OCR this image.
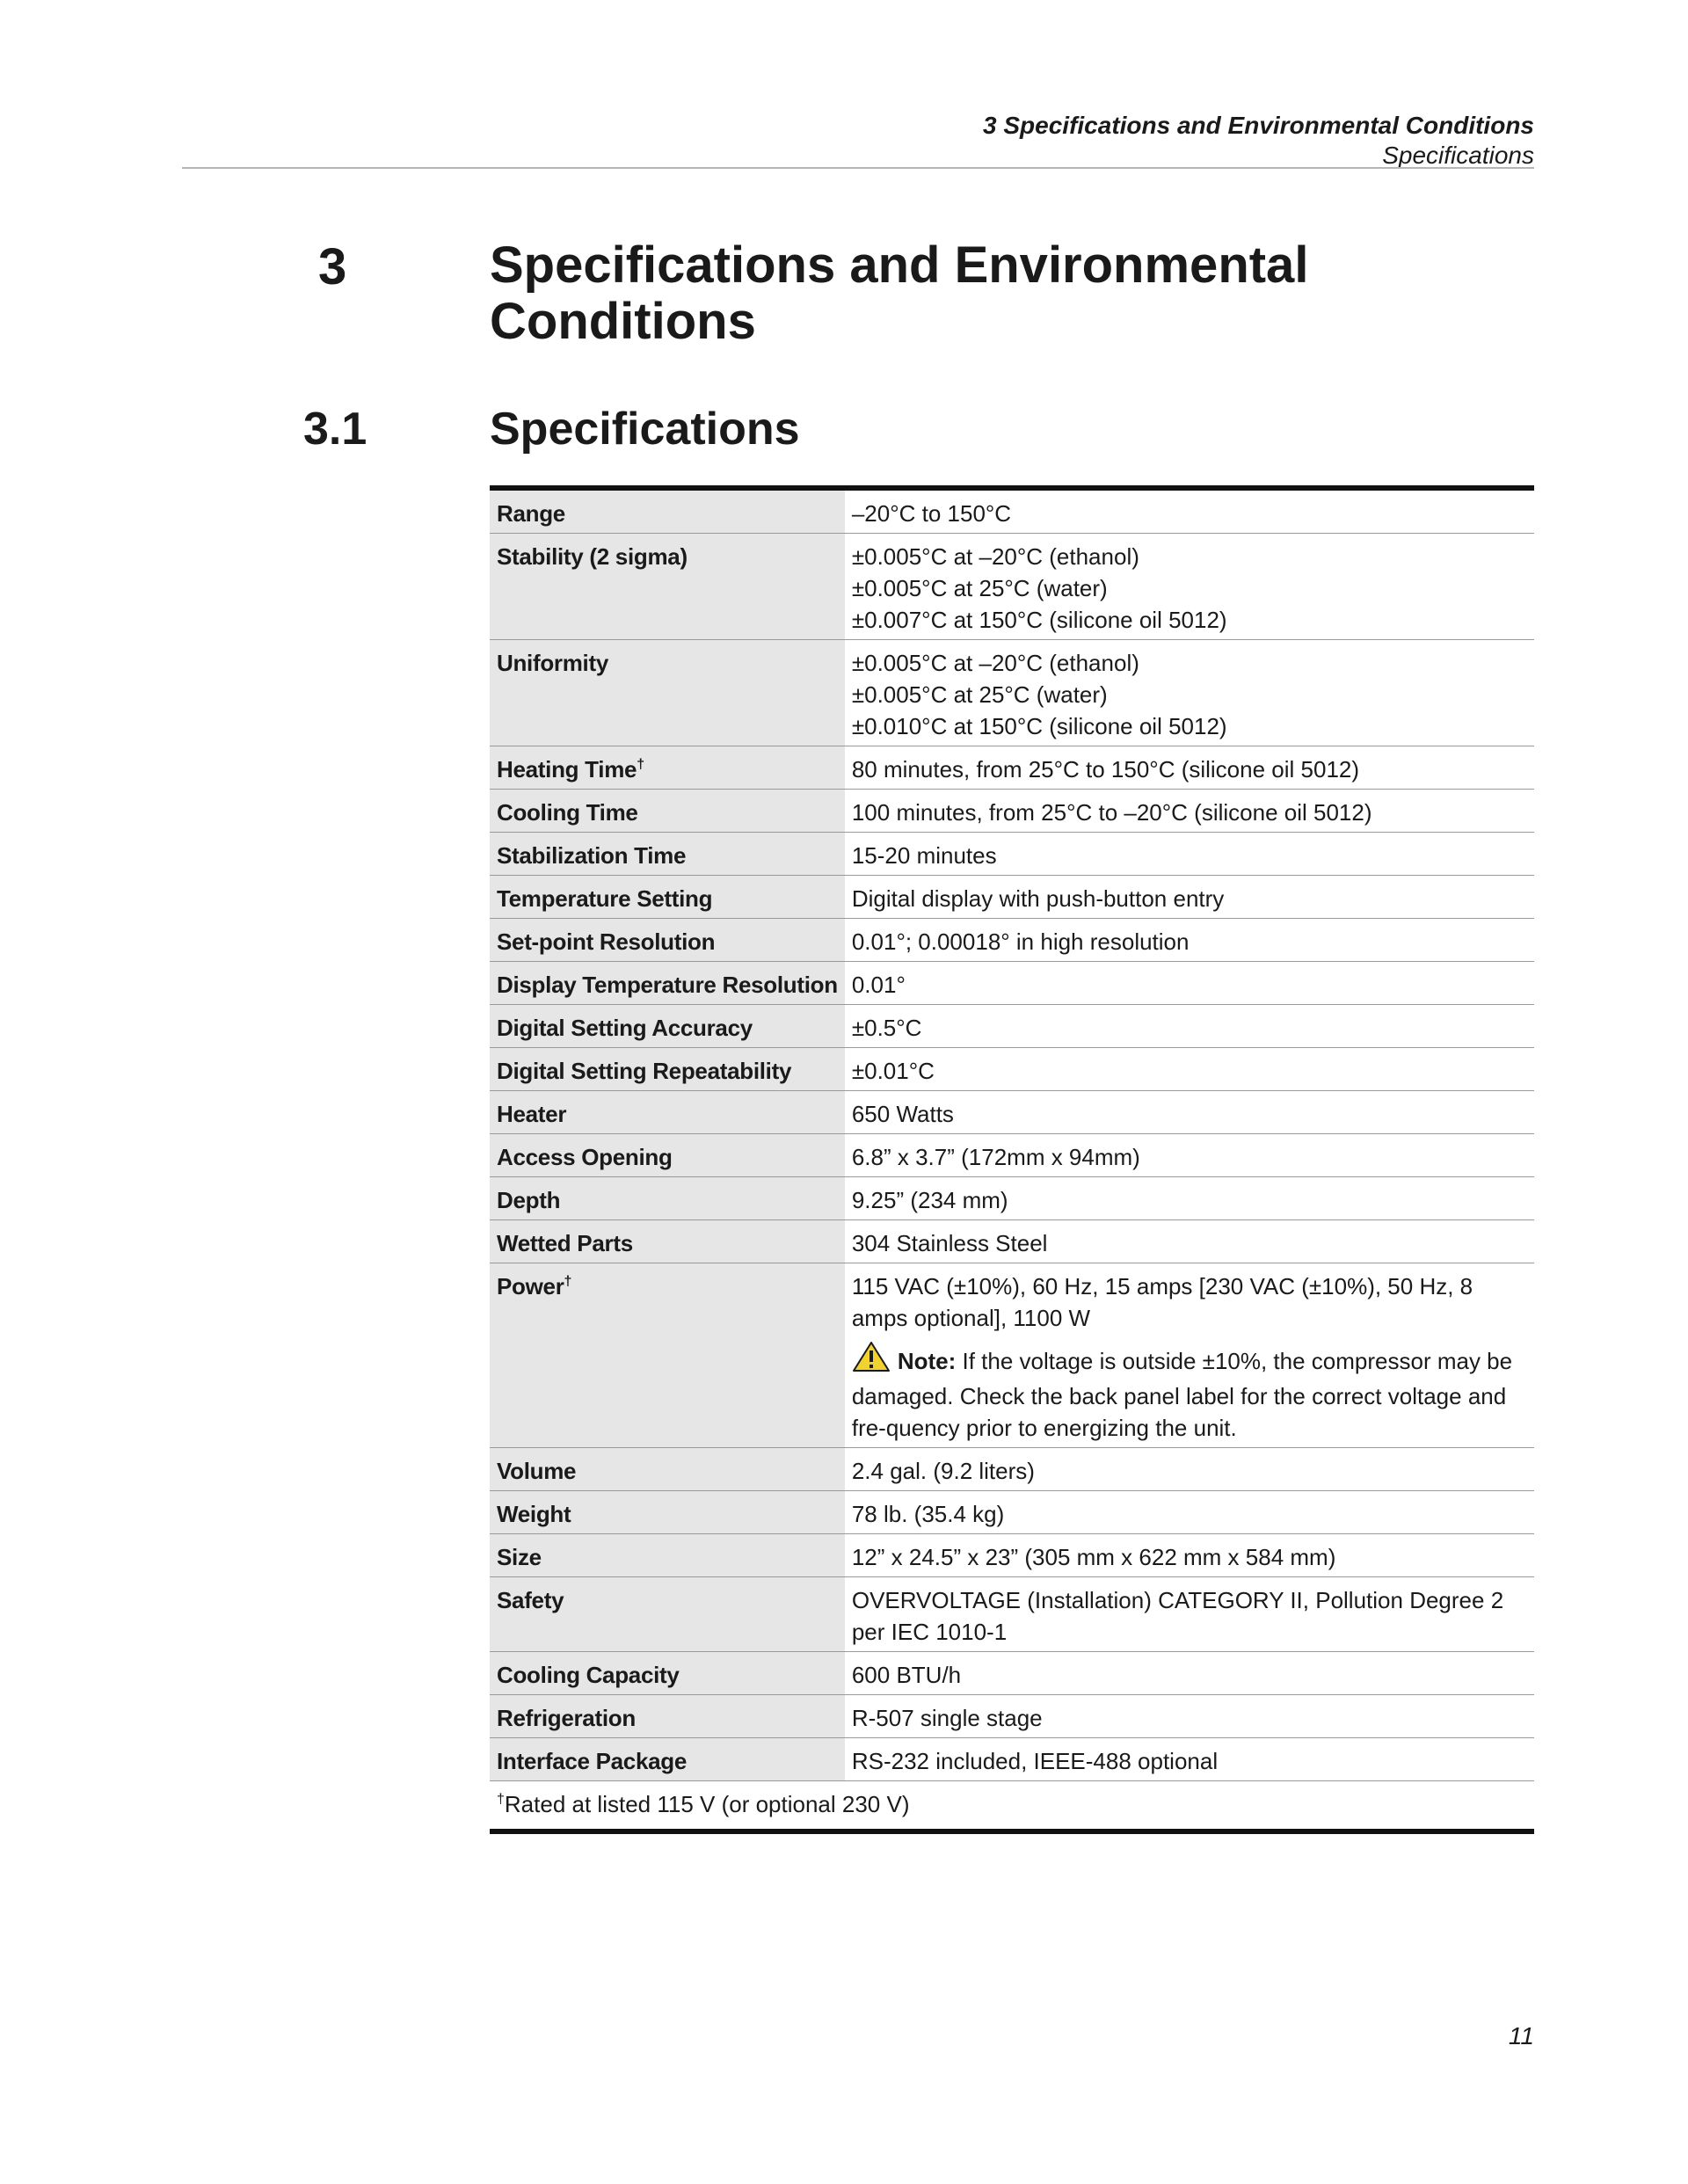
3 Specifications and Environmental Conditions
Specifications
3	Specifications and Environmental Conditions
3.1	Specifications
Range	–20°C to 150°C

Stability (2 sigma)	±0.005°C at –20°C (ethanol)
±0.005°C at 25°C (water)
±0.007°C at 150°C (silicone oil 5012)

Uniformity	±0.005°C at –20°C (ethanol)
±0.005°C at 25°C (water)
±0.010°C at 150°C (silicone oil 5012)

Heating Time†	80 minutes, from 25°C to 150°C (silicone oil 5012)

Cooling Time	100 minutes, from 25°C to –20°C (silicone oil 5012)

Stabilization Time	15-20 minutes

Temperature Setting	Digital display with push-button entry

Set-point Resolution	0.01°; 0.00018° in high resolution

Display Temperature Resolution	0.01°

Digital Setting Accuracy	±0.5°C

Digital Setting Repeatability	±0.01°C

Heater	650 Watts

Access Opening	6.8” x 3.7” (172mm x 94mm)

Depth	9.25” (234 mm)

Wetted Parts	304 Stainless Steel

Power†	115 VAC (±10%), 60 Hz, 15 amps [230 VAC (±10%), 50 Hz, 8 amps optional], 1100 W
Note: If the voltage is outside ±10%, the compressor may be damaged. Check the back panel label for the correct voltage and fre-quency prior to energizing the unit.

Volume	2.4 gal. (9.2 liters)

Weight	78 lb. (35.4 kg)

Size	12” x 24.5” x 23” (305 mm x 622 mm x 584 mm)

Safety	OVERVOLTAGE (Installation) CATEGORY II, Pollution Degree 2 per IEC 1010-1

Cooling Capacity	600 BTU/h

Refrigeration	R-507 single stage

Interface Package	RS-232 included, IEEE-488 optional

†Rated at listed 115 V (or optional 230 V)	
11
